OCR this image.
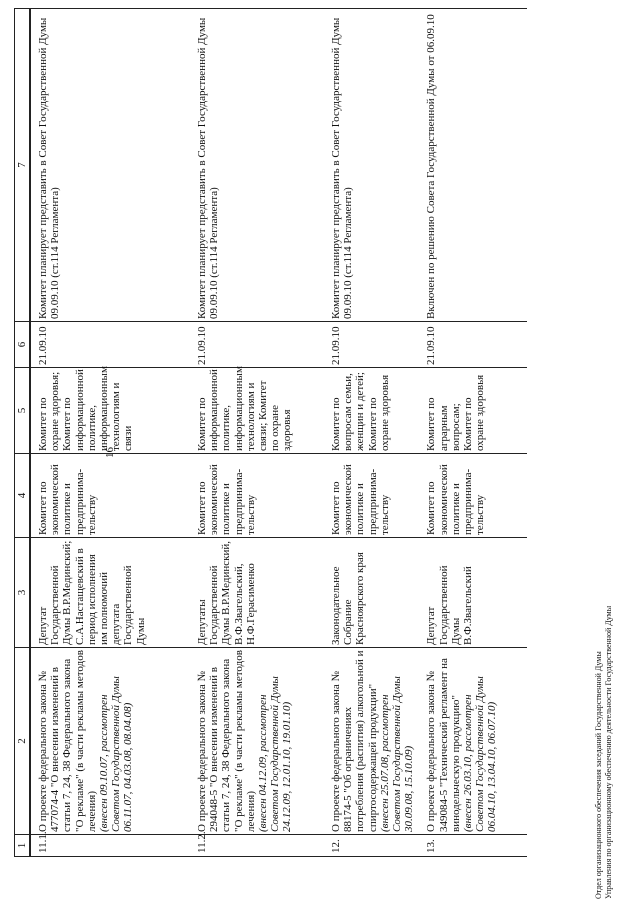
1	2	3	4	5	6	7
11.1.	О проекте федерального закона № 477074-4 "О внесении изменений в статьи 7, 24, 38 Федерального закона "О рекламе" (в части рекламы методов лечения)
(внесен 09.10.07, рассмотрен Советом Государственной Думы 06.11.07, 04.03.08, 08.04.08)	Депутат Государственной Думы В.Р.Мединский; С.А.Настащевский в период исполнения им полномочий депутата Государственной Думы	Комитет по экономической политике и предпринима-тельству	Комитет по охране здоровья; Комитет по информационной политике, информационным технологиям и связи	21.09.10	Комитет планирует представить в Совет Государственной Думы 09.09.10 (ст.114 Регламента)
11.2.	О проекте федерального закона № 294048-5 "О внесении изменений в статьи 7, 24, 38 Федерального закона "О рекламе" (в части рекламы методов лечения)
(внесен 04.12.09, рассмотрен Советом Государственной Думы 24.12.09, 12.01.10, 19.01.10)	Депутаты Государственной Думы В.Р.Мединский, В.Ф.Звагельский, Н.Ф.Герасименко	Комитет по экономической политике и предпринима-тельству	Комитет по информационной политике, информационным технологиям и связи; Комитет по охране здоровья	21.09.10	Комитет планирует представить в Совет Государственной Думы 09.09.10 (ст.114 Регламента)
12.	О проекте федерального закона № 88174-5 "Об ограничениях потребления (распития) алкогольной и спиртосодержащей продукции"
(внесен 25.07.08, рассмотрен Советом Государственной Думы 30.09.08, 15.10.09)	Законодательное Собрание Красноярского края	Комитет по экономической политике и предпринима-тельству	Комитет по вопросам семьи, женщин и детей; Комитет по охране здоровья	21.09.10	Комитет планирует представить в Совет Государственной Думы 09.09.10 (ст.114 Регламента)
13.	О проекте федерального закона № 349084-5 "Технический регламент на винодельческую продукцию"
(внесен 26.03.10, рассмотрен Советом Государственной Думы 06.04.10, 13.04.10, 06.07.10)	Депутат Государственной Думы В.Ф.Звагельский	Комитет по экономической политике и предпринима-тельству	Комитет по аграрным вопросам; Комитет по охране здоровья	21.09.10	Включен по решению Совета Государственной Думы от 06.09.10
16
Отдел организационного обеспечения заседаний Государственной Думы Управления по организационному обеспечению деятельности Государственной Думы
